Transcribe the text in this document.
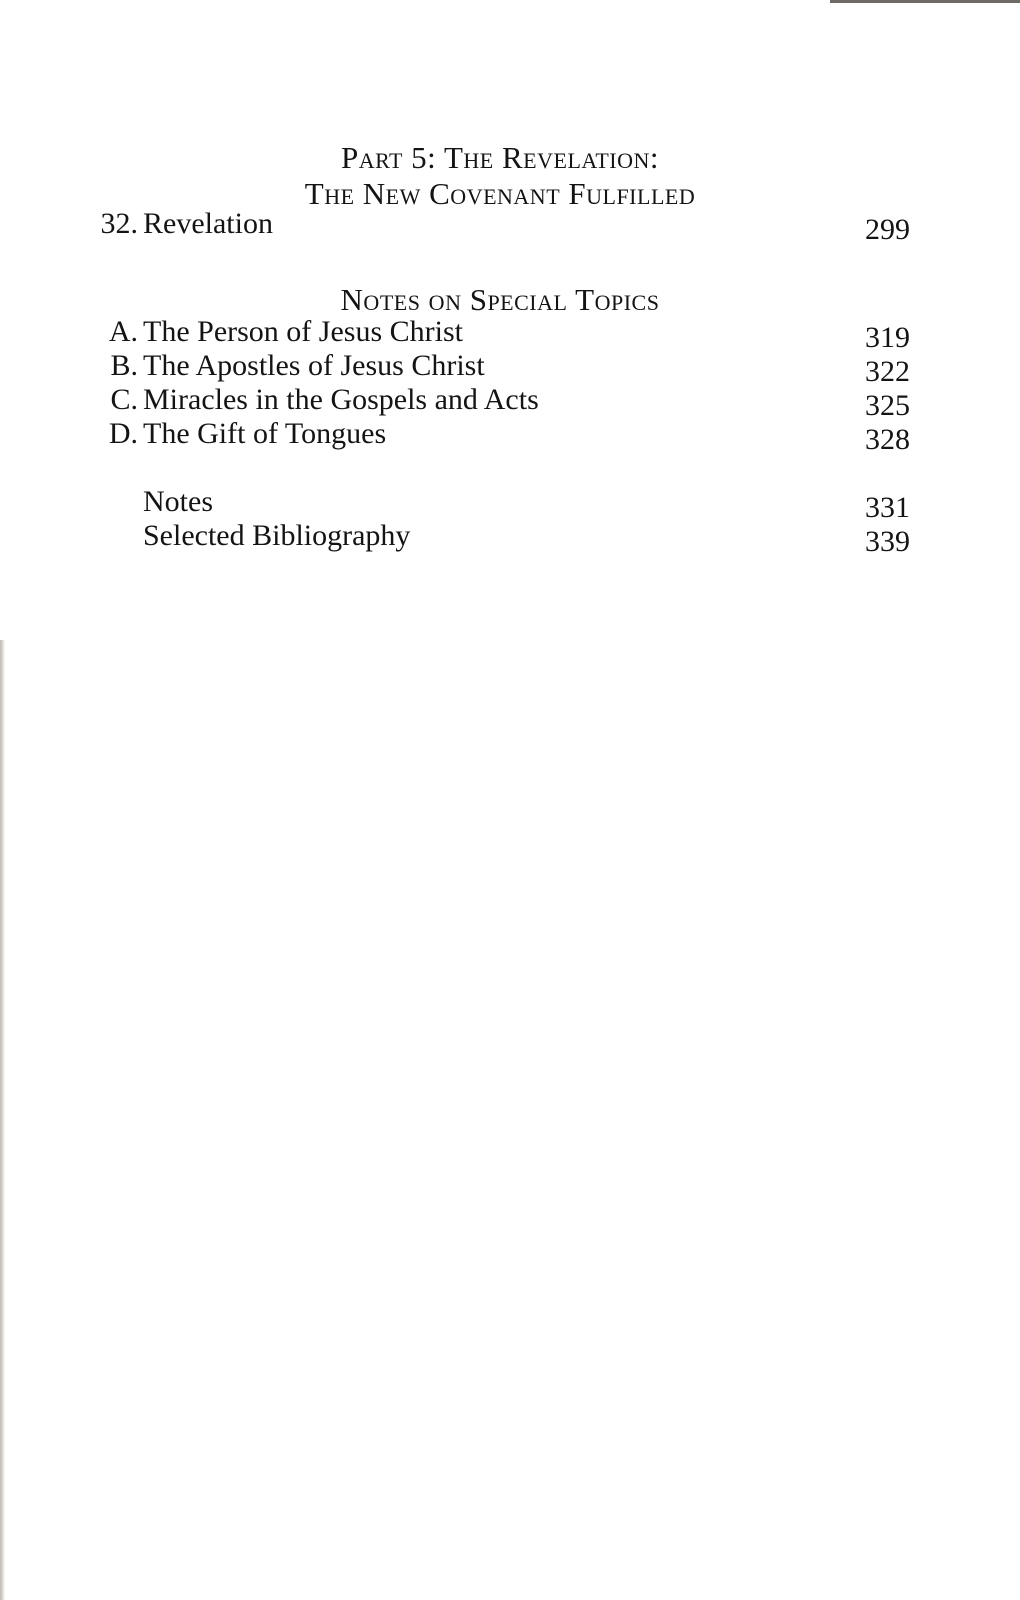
Part 5: The Revelation:
The New Covenant Fulfilled
32. Revelation	299
Notes on Special Topics
A. The Person of Jesus Christ	319
B. The Apostles of Jesus Christ	322
C. Miracles in the Gospels and Acts	325
D. The Gift of Tongues	328
Notes	331
Selected Bibliography	339
